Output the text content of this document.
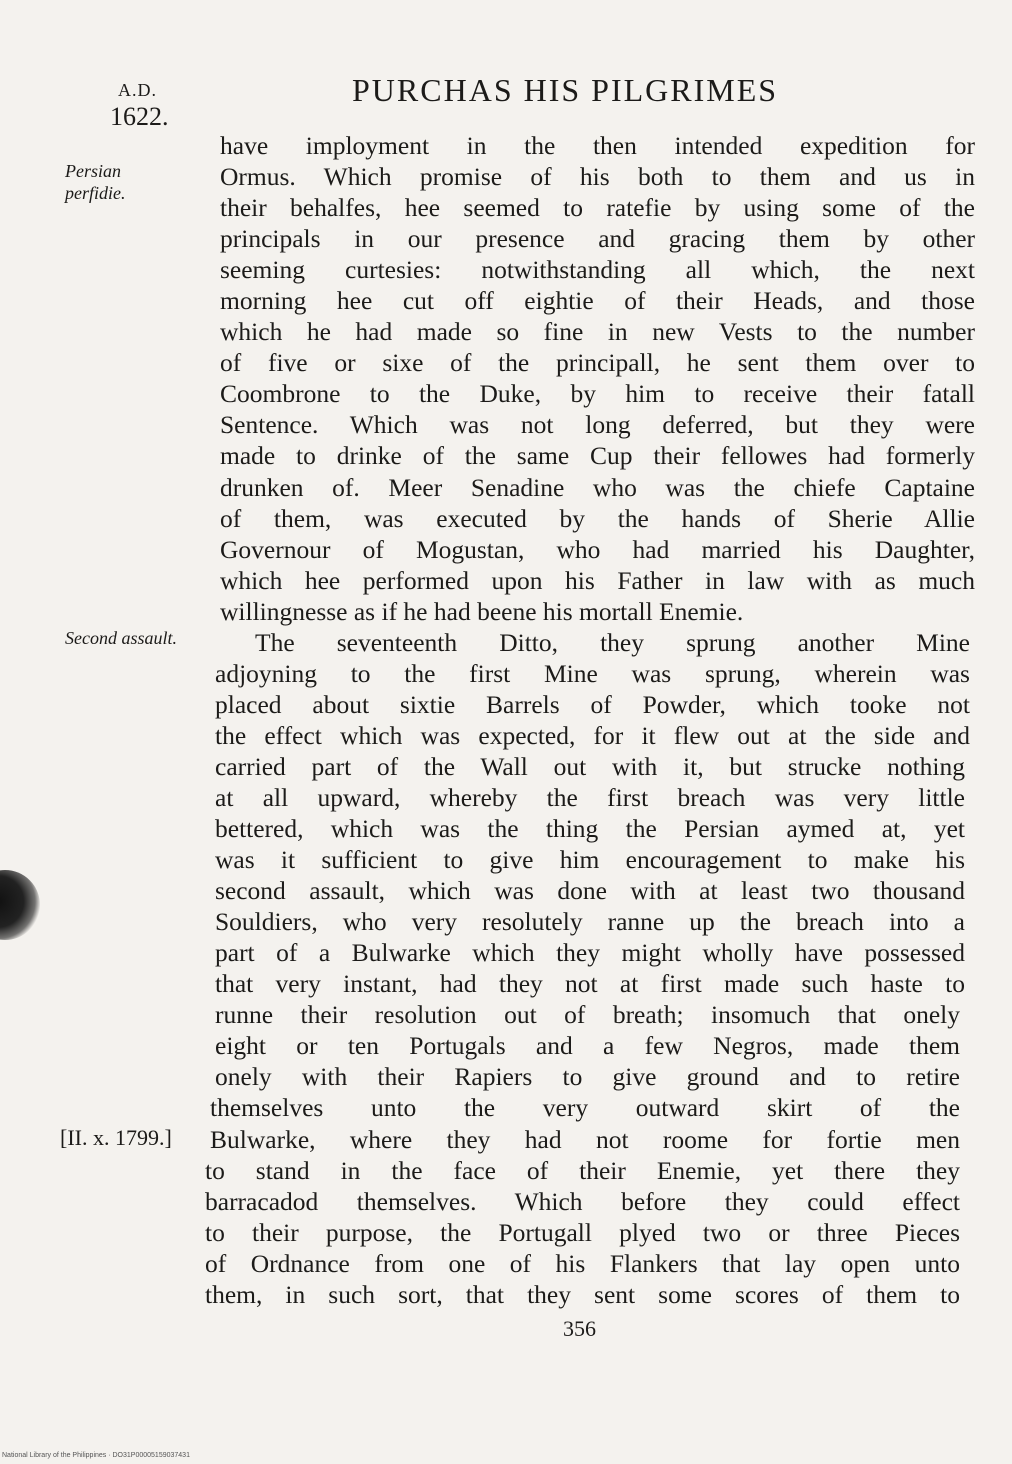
A.D.
1622.
PURCHAS HIS PILGRIMES
Persian
perfidie.
Second assault.
[II. x. 1799.]
have imployment in the then intended expedition for
Ormus. Which promise of his both to them and us in
their behalfes, hee seemed to ratefie by using some of the
principals in our presence and gracing them by other
seeming curtesies: notwithstanding all which, the next
morning hee cut off eightie of their Heads, and those
which he had made so fine in new Vests to the number
of five or sixe of the principall, he sent them over to
Coombrone to the Duke, by him to receive their fatall
Sentence. Which was not long deferred, but they were
made to drinke of the same Cup their fellowes had formerly
drunken of. Meer Senadine who was the chiefe Captaine
of them, was executed by the hands of Sherie Allie
Governour of Mogustan, who had married his Daughter,
which hee performed upon his Father in law with as much
willingnesse as if he had beene his mortall Enemie.
The seventeenth Ditto, they sprung another Mine
adjoyning to the first Mine was sprung, wherein was
placed about sixtie Barrels of Powder, which tooke not
the effect which was expected, for it flew out at the side and
carried part of the Wall out with it, but strucke nothing
at all upward, whereby the first breach was very little
bettered, which was the thing the Persian aymed at, yet
was it sufficient to give him encouragement to make his
second assault, which was done with at least two thousand
Souldiers, who very resolutely ranne up the breach into a
part of a Bulwarke which they might wholly have possessed
that very instant, had they not at first made such haste to
runne their resolution out of breath; insomuch that onely
eight or ten Portugals and a few Negros, made them
onely with their Rapiers to give ground and to retire
themselves unto the very outward skirt of the
Bulwarke, where they had not roome for fortie men
to stand in the face of their Enemie, yet there they
barracadod themselves. Which before they could effect
to their purpose, the Portugall plyed two or three Pieces
of Ordnance from one of his Flankers that lay open unto
them, in such sort, that they sent some scores of them to
356
National Library of the Philippines · DO31P00005159037431
